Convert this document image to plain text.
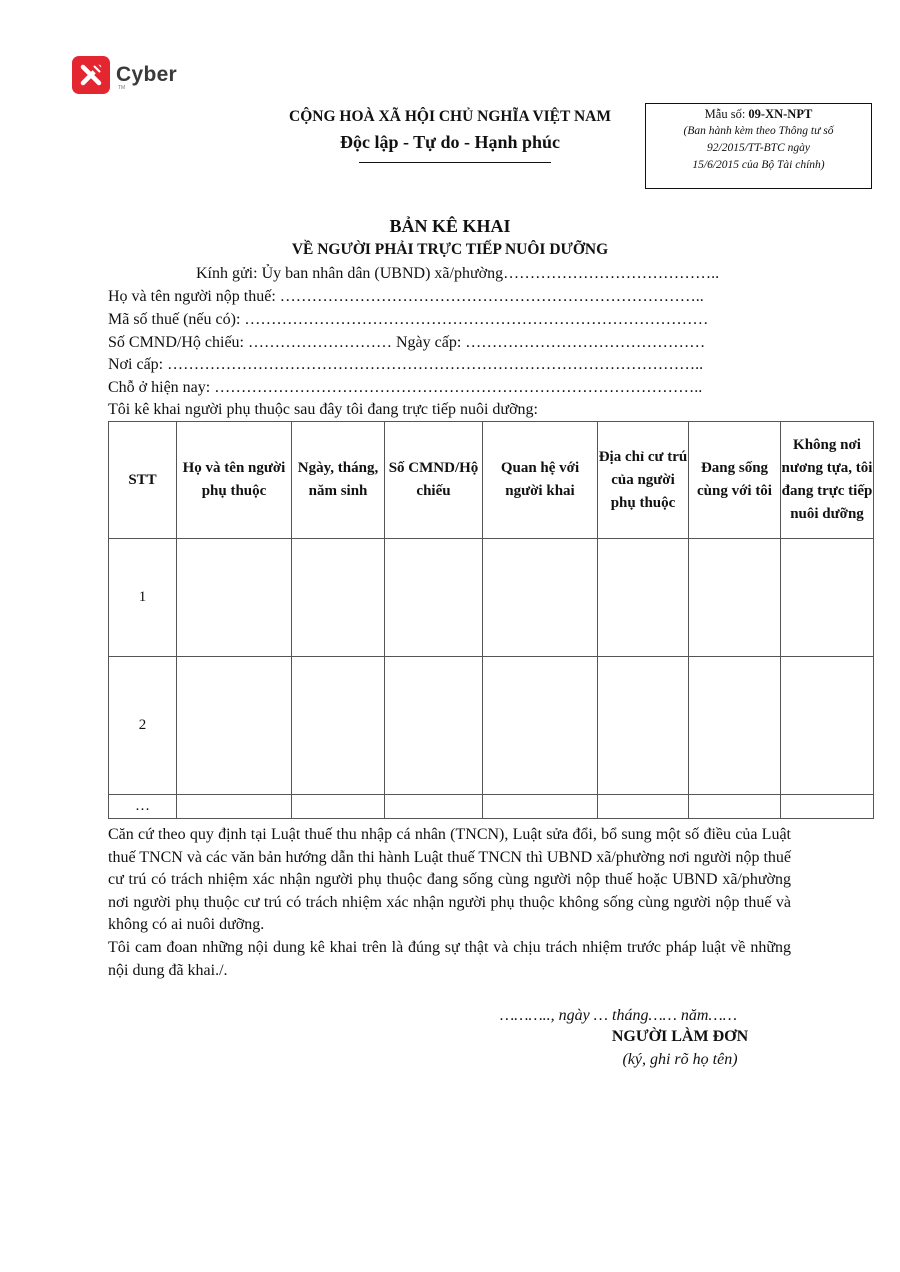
Cyber
TM
CỘNG HOÀ XÃ HỘI CHỦ NGHĨA VIỆT NAM
Độc lập - Tự do - Hạnh phúc
Mẫu số: 09-XN-NPT
(Ban hành kèm theo Thông tư số
92/2015/TT-BTC ngày
15/6/2015 của Bộ Tài chính)
BẢN KÊ KHAI
VỀ NGƯỜI PHẢI TRỰC TIẾP NUÔI DƯỠNG
Kính gửi: Ủy ban nhân dân (UBND) xã/phường…………………………………..
Họ và tên người nộp thuế: ……………………………………………………………………..
Mã số thuế (nếu có): ……………………………………………………………………………
Số CMND/Hộ chiếu: ……………………… Ngày cấp: ………………………………………
Nơi cấp: ………………………………………………………………………………………..
Chỗ ở hiện nay: ………………………………………………………………………………..
Tôi kê khai người phụ thuộc sau đây tôi đang trực tiếp nuôi dưỡng:
STT	Họ và tên người phụ thuộc	Ngày, tháng, năm sinh	Số CMND/Hộ chiếu	Quan hệ với người khai	Địa chỉ cư trú của người phụ thuộc	Đang sống cùng với tôi	Không nơi nương tựa, tôi đang trực tiếp nuôi dưỡng
1							
2							
…							
Căn cứ theo quy định tại Luật thuế thu nhập cá nhân (TNCN), Luật sửa đổi, bổ sung một số điều của Luật thuế TNCN và các văn bản hướng dẫn thi hành Luật thuế TNCN thì UBND xã/phường nơi người nộp thuế cư trú có trách nhiệm xác nhận người phụ thuộc đang sống cùng người nộp thuế hoặc UBND xã/phường nơi người phụ thuộc cư trú có trách nhiệm xác nhận người phụ thuộc không sống cùng người nộp thuế và không có ai nuôi dưỡng.
Tôi cam đoan những nội dung kê khai trên là đúng sự thật và chịu trách nhiệm trước pháp luật về những nội dung đã khai./.
……….., ngày … tháng…… năm……
NGƯỜI LÀM ĐƠN
(ký, ghi rõ họ tên)
